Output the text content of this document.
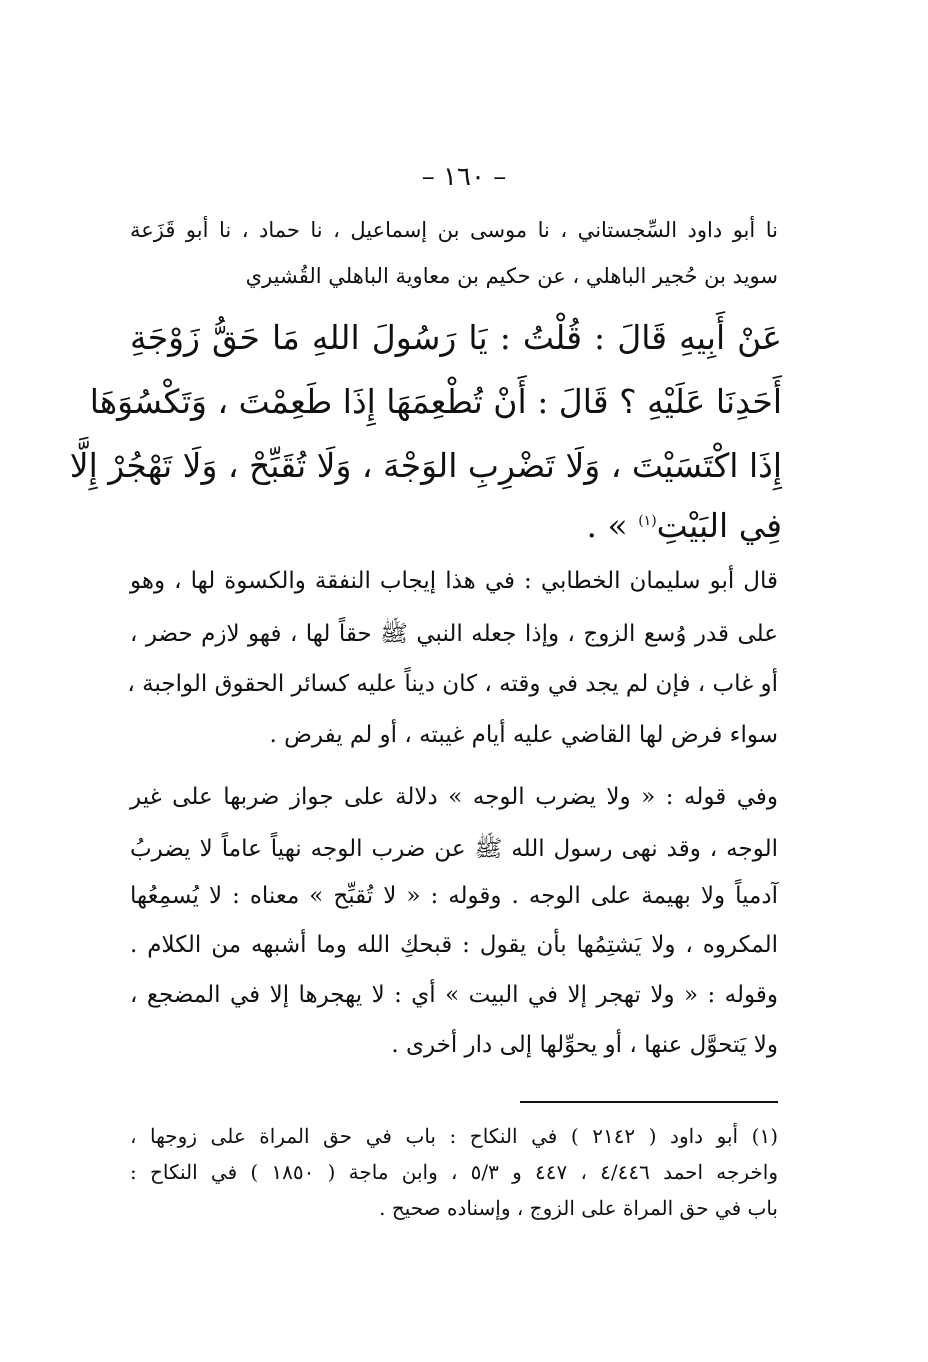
– ١٦٠ –
نا أبو داود السِّجستاني ، نا موسى بن إسماعيل ، نا حماد ، نا أبو قَزَعة
سويد بن حُجير الباهلي ، عن حكيم بن معاوية الباهلي القُشيري
عَنْ أَبِيهِ قَالَ : قُلْتُ : يَا رَسُولَ اللهِ مَا حَقُّ زَوْجَةِ
أَحَدِنَا عَلَيْهِ ؟ قَالَ : أَنْ تُطْعِمَهَا إِذَا طَعِمْتَ ، وَتَكْسُوَهَا
إِذَا اكْتَسَيْتَ ، وَلَا تَضْرِبِ الوَجْهَ ، وَلَا تُقَبِّحْ ، وَلَا تَهْجُرْ إِلَّا
فِي البَيْتِ$^{(١)}$ » .
قال أبو سليمان الخطابي : في هذا إيجاب النفقة والكسوة لها ، وهو
على قدر وُسع الزوج ، وإذا جعله النبي ﷺ حقاً لها ، فهو لازم حضر ،
أو غاب ، فإن لم يجد في وقته ، كان ديناً عليه كسائر الحقوق الواجبة ،
سواء فرض لها القاضي عليه أيام غيبته ، أو لم يفرض .
وفي قوله : « ولا يضرب الوجه » دلالة على جواز ضربها على غير
الوجه ، وقد نهى رسول الله ﷺ عن ضرب الوجه نهياً عاماً لا يضربُ
آدمياً ولا بهيمة على الوجه . وقوله : « لا تُقبِّح » معناه : لا يُسمِعُها
المكروه ، ولا يَشتِمُها بأن يقول : قبحكِ الله وما أشبهه من الكلام .
وقوله : « ولا تهجر إلا في البيت » أي : لا يهجرها إلا في المضجع ،
ولا يَتحوَّل عنها ، أو يحوِّلها إلى دار أخرى .
(١) أبو داود ( ٢١٤٢ ) في النكاح : باب في حق المراة على زوجها ،
واخرجه احمد ٤/٤٤٦ ، ٤٤٧ و ٥/٣ ، وابن ماجة ( ١٨٥٠ ) في النكاح :
باب في حق المراة على الزوج ، وإسناده صحيح .
